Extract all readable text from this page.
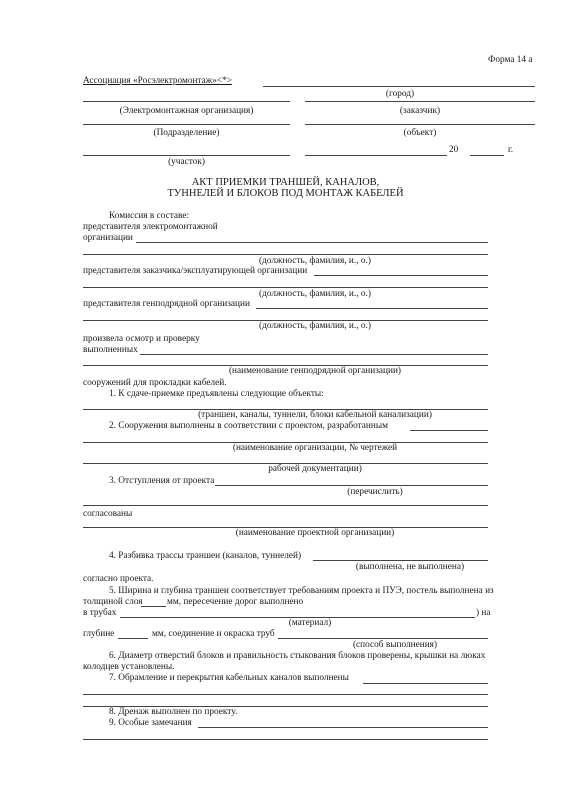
Форма 14 а
Ассоциация «Росэлектромонтаж»<*>
(город)
(Электромонтажная организация)	(заказчик)
(Подразделение)	(объект)
20	г.
(участок)
АКТ ПРИЕМКИ ТРАНШЕЙ, КАНАЛОВ,
ТУННЕЛЕЙ И БЛОКОВ ПОД МОНТАЖ КАБЕЛЕЙ
Комиссия в составе:
представителя электромонтажной
организации
(должность, фамилия, и., о.)
представителя заказчика/эксплуатирующей организации
(должность, фамилия, и., о.)
представителя генподрядной организации
(должность, фамилия, и., о.)
произвела осмотр и проверку
выполненных
(наименование генподрядной организации)
сооружений для прокладки кабелей.
1. К сдаче-приемке предъявлены следующие объекты:
(траншеи, каналы, туннели, блоки кабельной канализации)
2. Сооружения выполнены в соответствии с проектом, разработанным
(наименование организации, № чертежей
рабочей документации)
3. Отступления от проекта
(перечислить)
согласованы
(наименование проектной организации)
4. Разбивка трассы траншеи (каналов, туннелей)
(выполнена, не выполнена)
согласно проекта.
5. Ширина и глубина траншеи соответствует требованиям проекта и ПУЭ, постель выполнена из
толщиной слоя	мм, пересечение дорог выполнено
в трубах	) на
(материал)
глубине	мм, соединение и окраска труб
(способ выполнения)
6. Диаметр отверстий блоков и правильность стыкования блоков проверены, крышки на люках
колодцев установлены.
7. Обрамление и перекрытия кабельных каналов выполнены
8. Дренаж выполнен по проекту.
9. Особые замечания
